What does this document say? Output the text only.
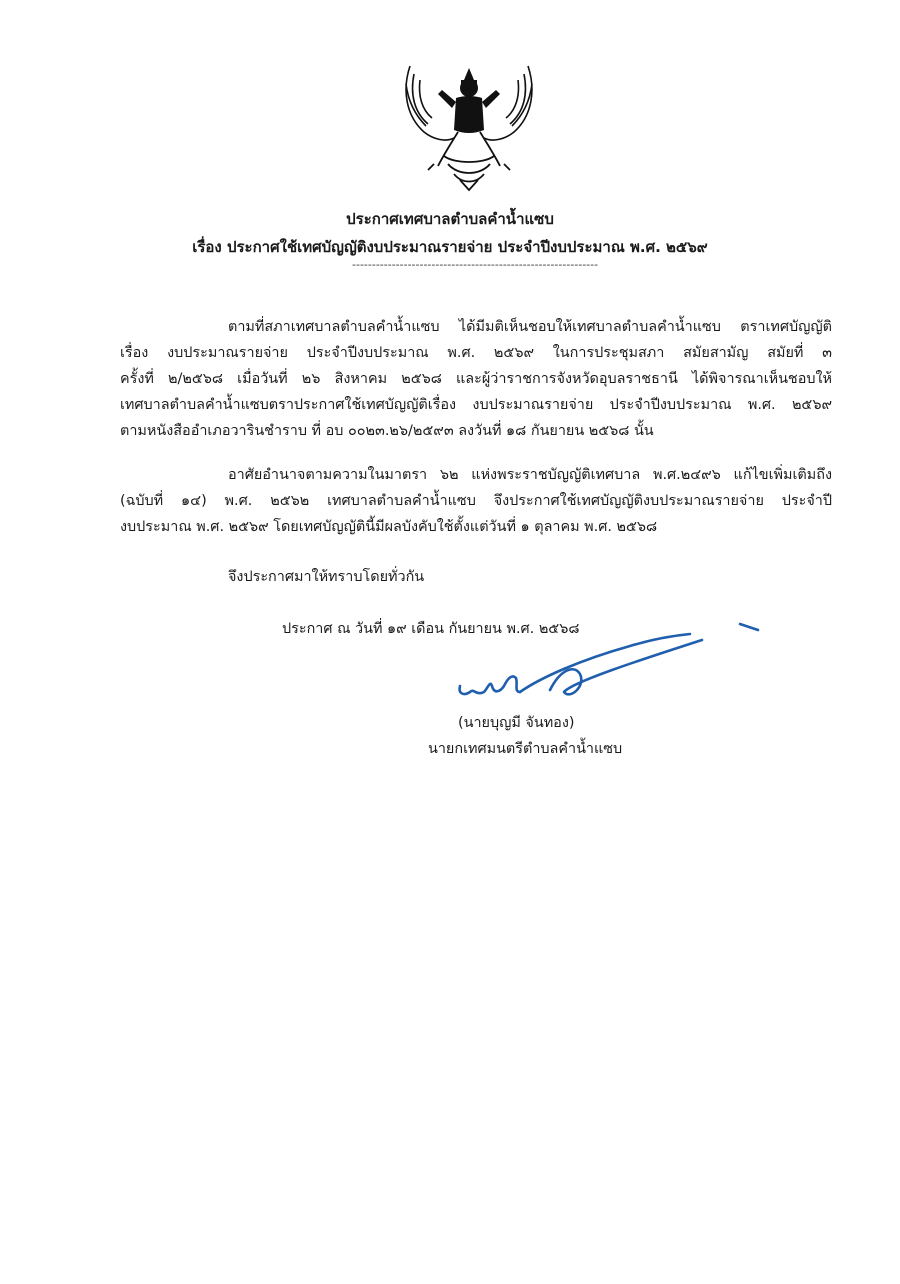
ประกาศเทศบาลตำบลคำน้ำแซบ
เรื่อง ประกาศใช้เทศบัญญัติงบประมาณรายจ่าย ประจำปีงบประมาณ พ.ศ. ๒๕๖๙
--------------------------------------------------------------
ตามที่สภาเทศบาลตำบลคำน้ำแซบ ได้มีมติเห็นชอบให้เทศบาลตำบลคำน้ำแซบ ตราเทศบัญญัติ
เรื่อง งบประมาณรายจ่าย ประจำปีงบประมาณ พ.ศ. ๒๕๖๙ ในการประชุมสภา สมัยสามัญ สมัยที่ ๓
ครั้งที่ ๒/๒๕๖๘ เมื่อวันที่ ๒๖ สิงหาคม ๒๕๖๘ และผู้ว่าราชการจังหวัดอุบลราชธานี ได้พิจารณาเห็นชอบให้
เทศบาลตำบลคำน้ำแซบตราประกาศใช้เทศบัญญัติเรื่อง งบประมาณรายจ่าย ประจำปีงบประมาณ พ.ศ. ๒๕๖๙
ตามหนังสืออำเภอวารินชำราบ ที่ อบ ๐๐๒๓.๒๖/๒๕๙๓ ลงวันที่ ๑๘ กันยายน ๒๕๖๘ นั้น
อาศัยอำนาจตามความในมาตรา ๖๒ แห่งพระราชบัญญัติเทศบาล พ.ศ.๒๔๙๖ แก้ไขเพิ่มเติมถึง
(ฉบับที่ ๑๔) พ.ศ. ๒๕๖๒ เทศบาลตำบลคำน้ำแซบ จึงประกาศใช้เทศบัญญัติงบประมาณรายจ่าย ประจำปี
งบประมาณ พ.ศ. ๒๕๖๙ โดยเทศบัญญัตินี้มีผลบังคับใช้ตั้งแต่วันที่ ๑ ตุลาคม พ.ศ. ๒๕๖๘
จึงประกาศมาให้ทราบโดยทั่วกัน
ประกาศ ณ วันที่ ๑๙ เดือน กันยายน พ.ศ. ๒๕๖๘
(นายบุญมี จันทอง)
นายกเทศมนตรีตำบลคำน้ำแซบ
